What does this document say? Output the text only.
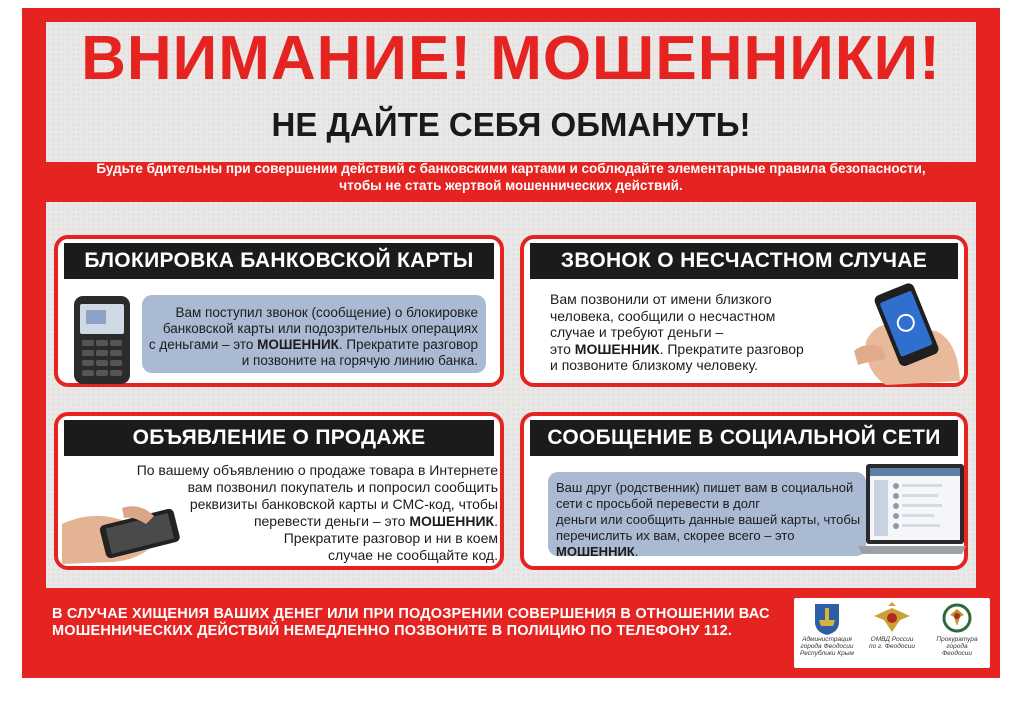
ВНИМАНИЕ! МОШЕННИКИ!
НЕ ДАЙТЕ СЕБЯ ОБМАНУТЬ!
Будьте бдительны при совершении действий с банковскими картами и соблюдайте элементарные правила безопасности,
чтобы не стать жертвой мошеннических действий.
БЛОКИРОВКА БАНКОВСКОЙ КАРТЫ
Вам поступил звонок (сообщение) о блокировке
банковской карты или подозрительных операциях
с деньгами – это МОШЕННИК. Прекратите разговор
и позвоните на горячую линию банка.
ЗВОНОК О НЕСЧАСТНОМ СЛУЧАЕ
Вам позвонили от имени близкого
человека, сообщили о несчастном
случае и требуют деньги –
это МОШЕННИК. Прекратите разговор
и позвоните близкому человеку.
ОБЪЯВЛЕНИЕ О ПРОДАЖЕ
По вашему объявлению о продаже товара в Интернете
вам позвонил покупатель и попросил сообщить
реквизиты банковской карты и СМС-код, чтобы
перевести деньги – это МОШЕННИК.
Прекратите разговор и ни в коем
случае не сообщайте код.
СООБЩЕНИЕ В СОЦИАЛЬНОЙ СЕТИ
Ваш друг (родственник) пишет вам в социальной
сети с просьбой перевести в долг
деньги или сообщить данные вашей карты, чтобы
перечислить их вам, скорее всего – это МОШЕННИК.
В СЛУЧАЕ ХИЩЕНИЯ ВАШИХ ДЕНЕГ ИЛИ ПРИ ПОДОЗРЕНИИ СОВЕРШЕНИЯ В ОТНОШЕНИИ ВАС
МОШЕННИЧЕСКИХ ДЕЙСТВИЙ НЕМЕДЛЕННО ПОЗВОНИТЕ В ПОЛИЦИЮ ПО ТЕЛЕФОНУ 112.
Администрация
города Феодосии
Республики Крым
ОМВД России
по г. Феодосии
Прокуратура
города
Феодосии
